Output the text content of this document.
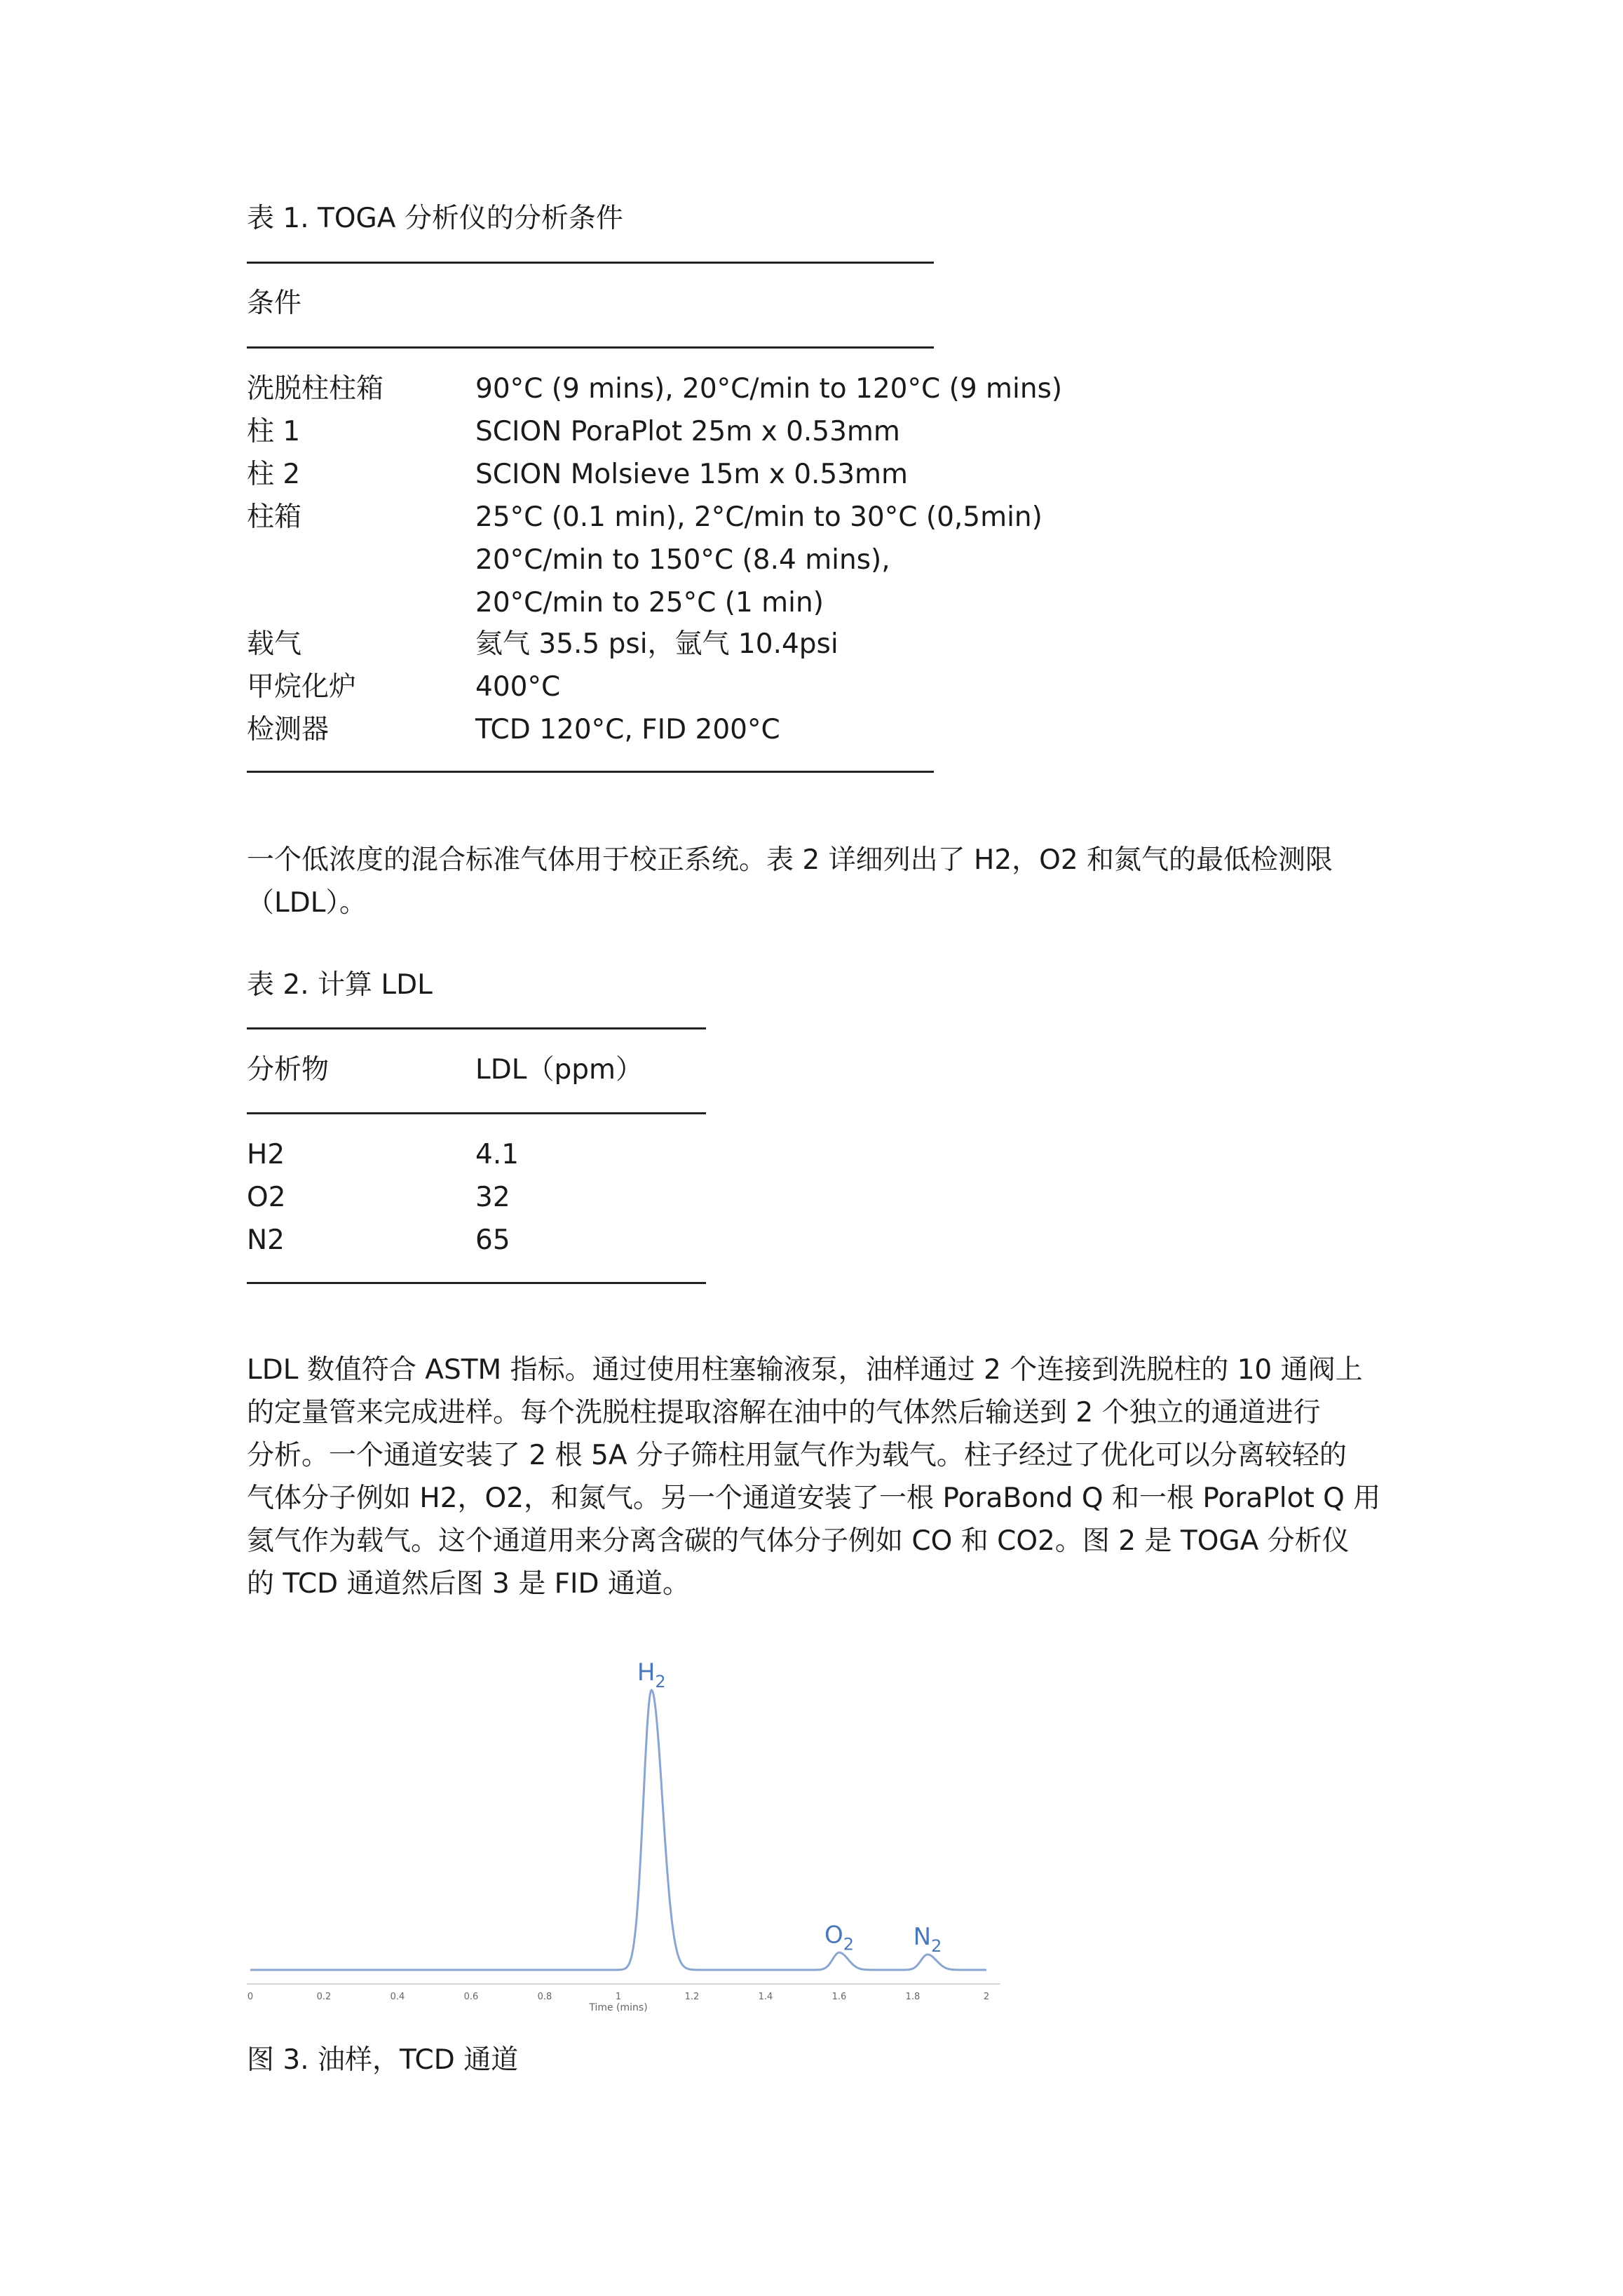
表 1. TOGA 分析仪的分析条件
条件
洗脱柱柱箱	90°C (9 mins), 20°C/min to 120°C (9 mins)
柱 1	SCION PoraPlot 25m x 0.53mm
柱 2	SCION Molsieve 15m x 0.53mm
柱箱	25°C (0.1 min), 2°C/min to 30°C (0,5min)
20°C/min to 150°C (8.4 mins),
20°C/min to 25°C (1 min)
载气	氦气 35.5 psi，氩气 10.4psi
甲烷化炉	400°C
检测器	TCD 120°C, FID 200°C
一个低浓度的混合标准气体用于校正系统。表 2 详细列出了 H2，O2 和氮气的最低检测限
（LDL）。
表 2. 计算 LDL
分析物	LDL（ppm）
H2	4.1
O2	32
N2	65
LDL 数值符合 ASTM 指标。通过使用柱塞输液泵，油样通过 2 个连接到洗脱柱的 10 通阀上
的定量管来完成进样。每个洗脱柱提取溶解在油中的气体然后输送到 2 个独立的通道进行
分析。一个通道安装了 2 根 5A 分子筛柱用氩气作为载气。柱子经过了优化可以分离较轻的
气体分子例如 H2，O2，和氮气。另一个通道安装了一根 PoraBond Q 和一根 PoraPlot Q 用
氦气作为载气。这个通道用来分离含碳的气体分子例如 CO 和 CO2。图 2 是 TOGA 分析仪
的 TCD 通道然后图 3 是 FID 通道。
0	0.2	0.4	0.6	0.8	1	1.2	1.4	1.6	1.8	2
Time (mins)
$H_2$
$O_2$ $N_2$
图 3. 油样，TCD 通道
